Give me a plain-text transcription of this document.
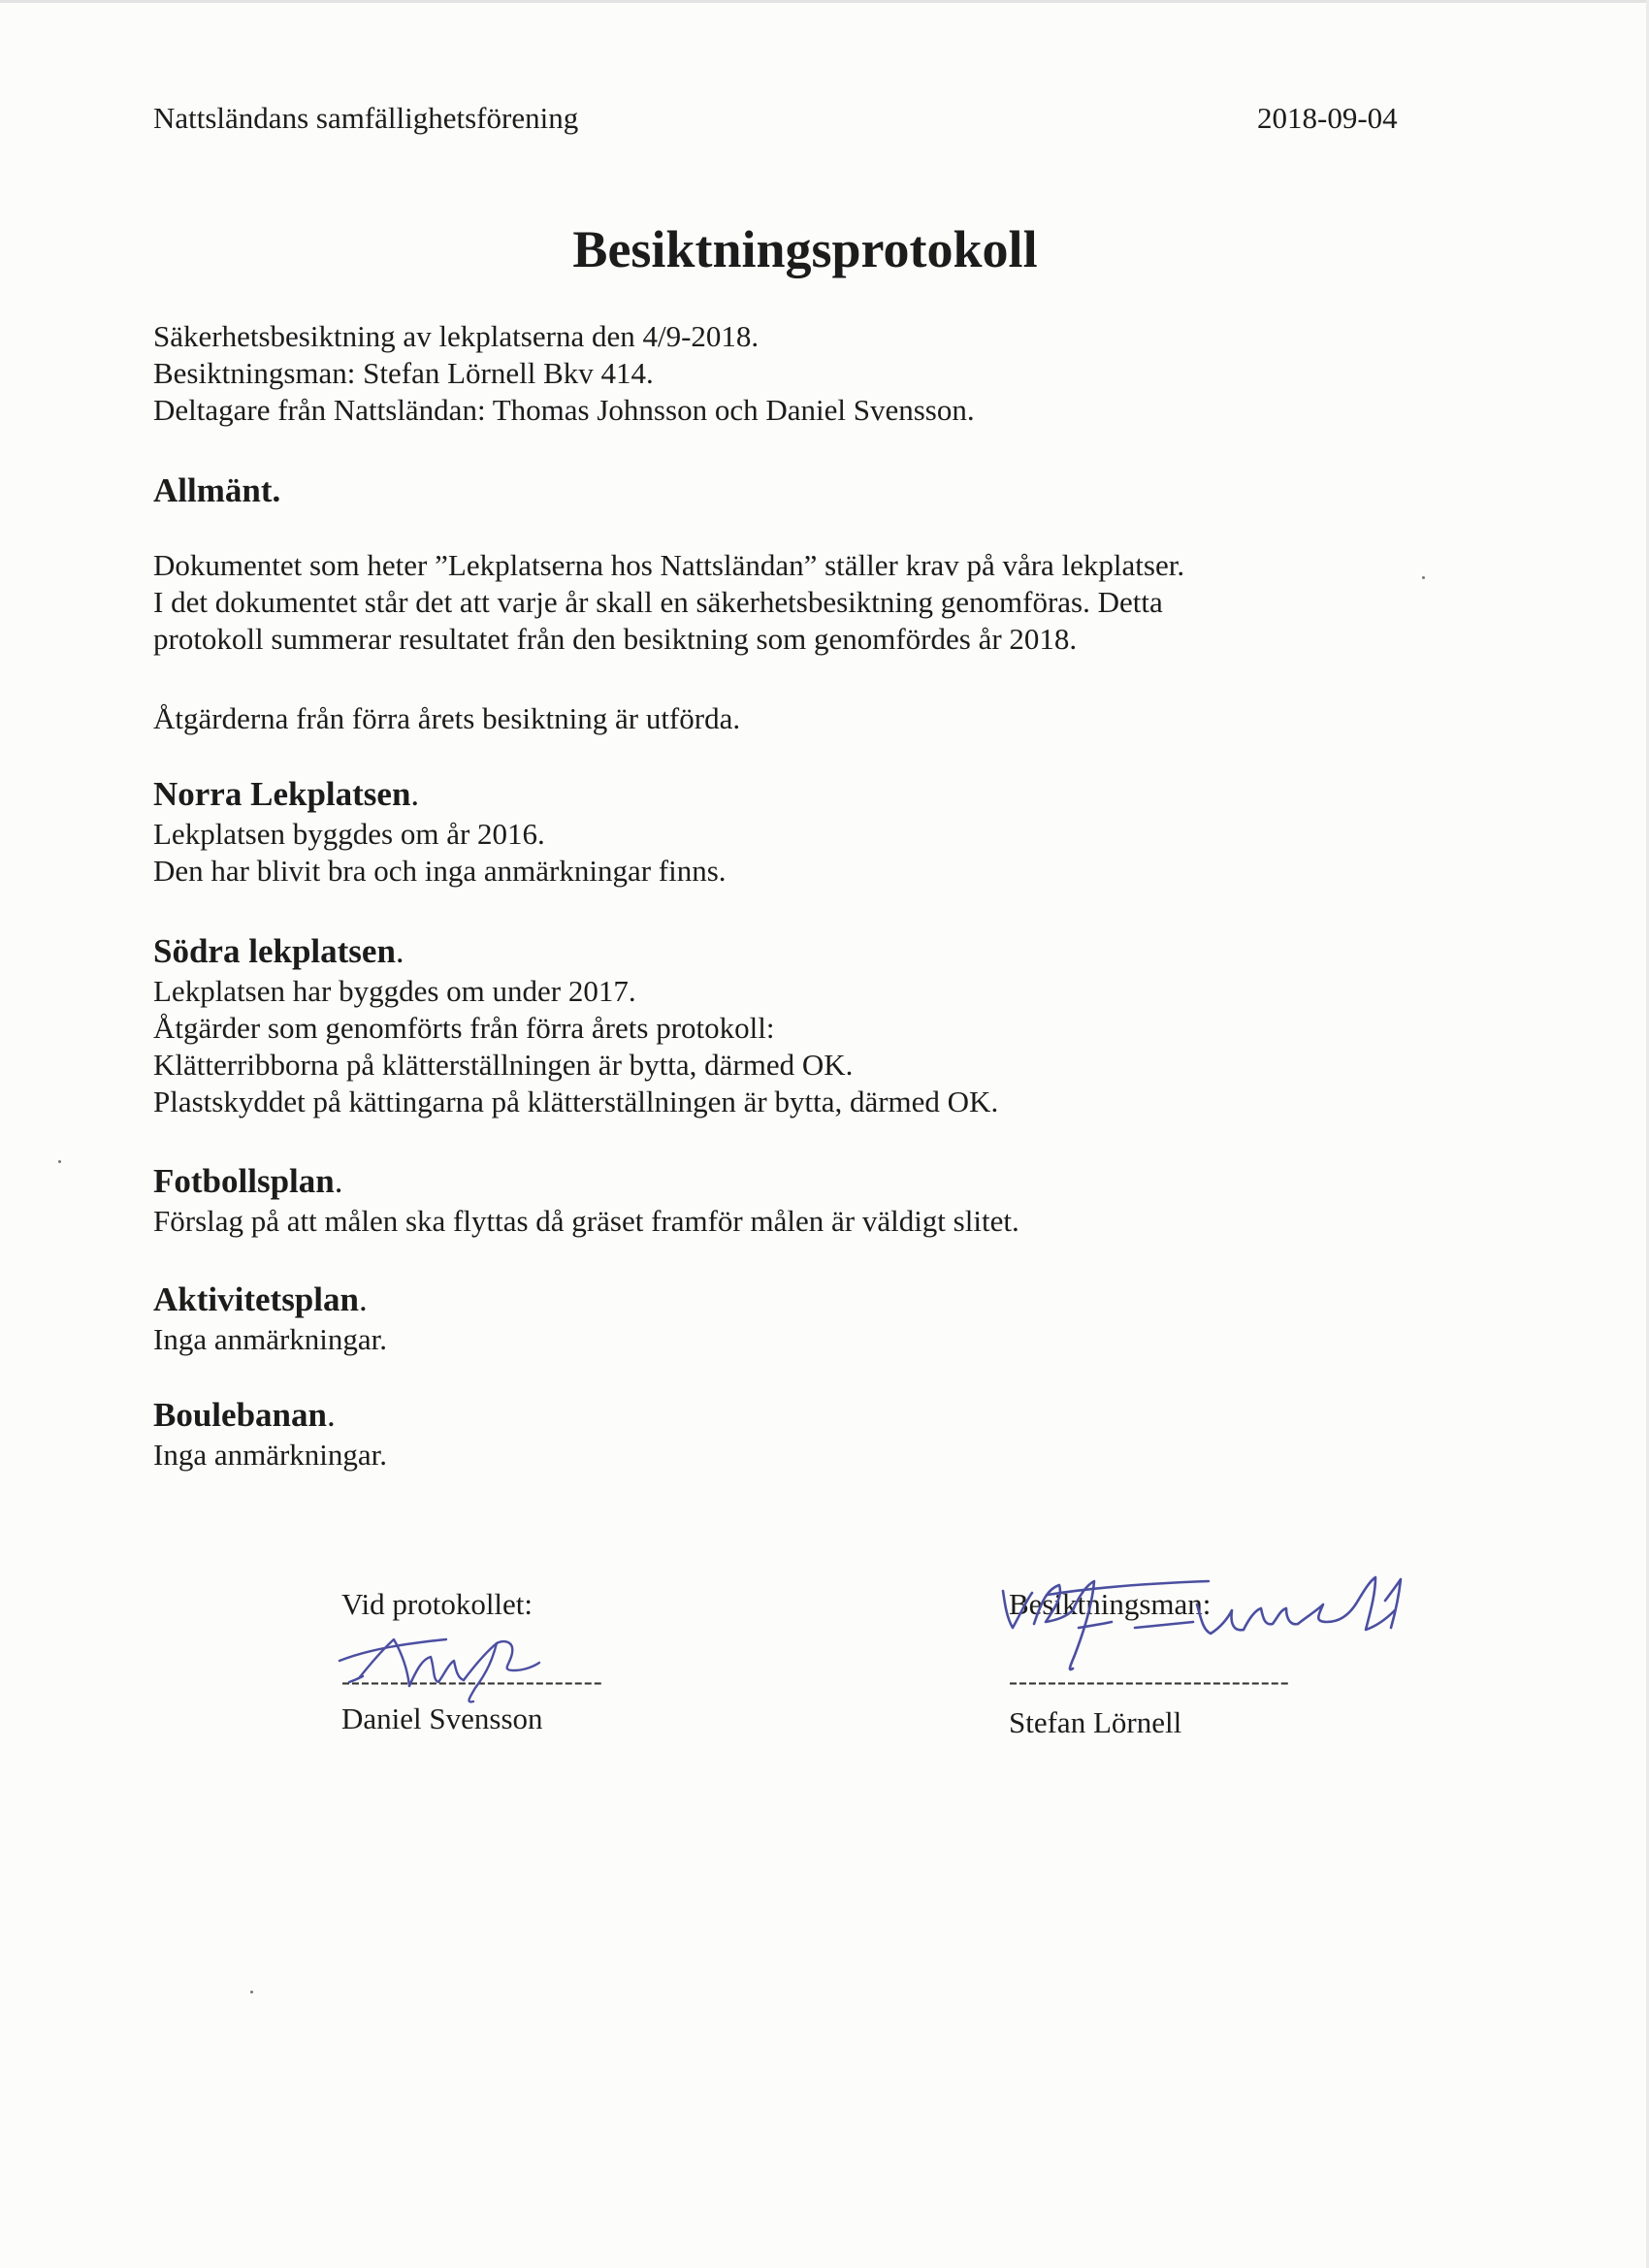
Nattsländans samfällighetsförening	2018-09-04
Besiktningsprotokoll
Säkerhetsbesiktning av lekplatserna den 4/9-2018.
Besiktningsman: Stefan Lörnell Bkv 414.
Deltagare från Nattsländan: Thomas Johnsson och Daniel Svensson.
Allmänt.
Dokumentet som heter ”Lekplatserna hos Nattsländan” ställer krav på våra lekplatser.
I det dokumentet står det att varje år skall en säkerhetsbesiktning genomföras. Detta
protokoll summerar resultatet från den besiktning som genomfördes år 2018.
Åtgärderna från förra årets besiktning är utförda.
Norra Lekplatsen.
Lekplatsen byggdes om år 2016.
Den har blivit bra och inga anmärkningar finns.
Södra lekplatsen.
Lekplatsen har byggdes om under 2017.
Åtgärder som genomförts från förra årets protokoll:
Klätterribborna på klätterställningen är bytta, därmed OK.
Plastskyddet på kättingarna på klätterställningen är bytta, därmed OK.
Fotbollsplan.
Förslag på att målen ska flyttas då gräset framför målen är väldigt slitet.
Aktivitetsplan.
Inga anmärkningar.
Boulebanan.
Inga anmärkningar.
Vid protokollet:
---------------------------
Daniel Svensson
Besiktningsman:
-----------------------------
Stefan Lörnell
